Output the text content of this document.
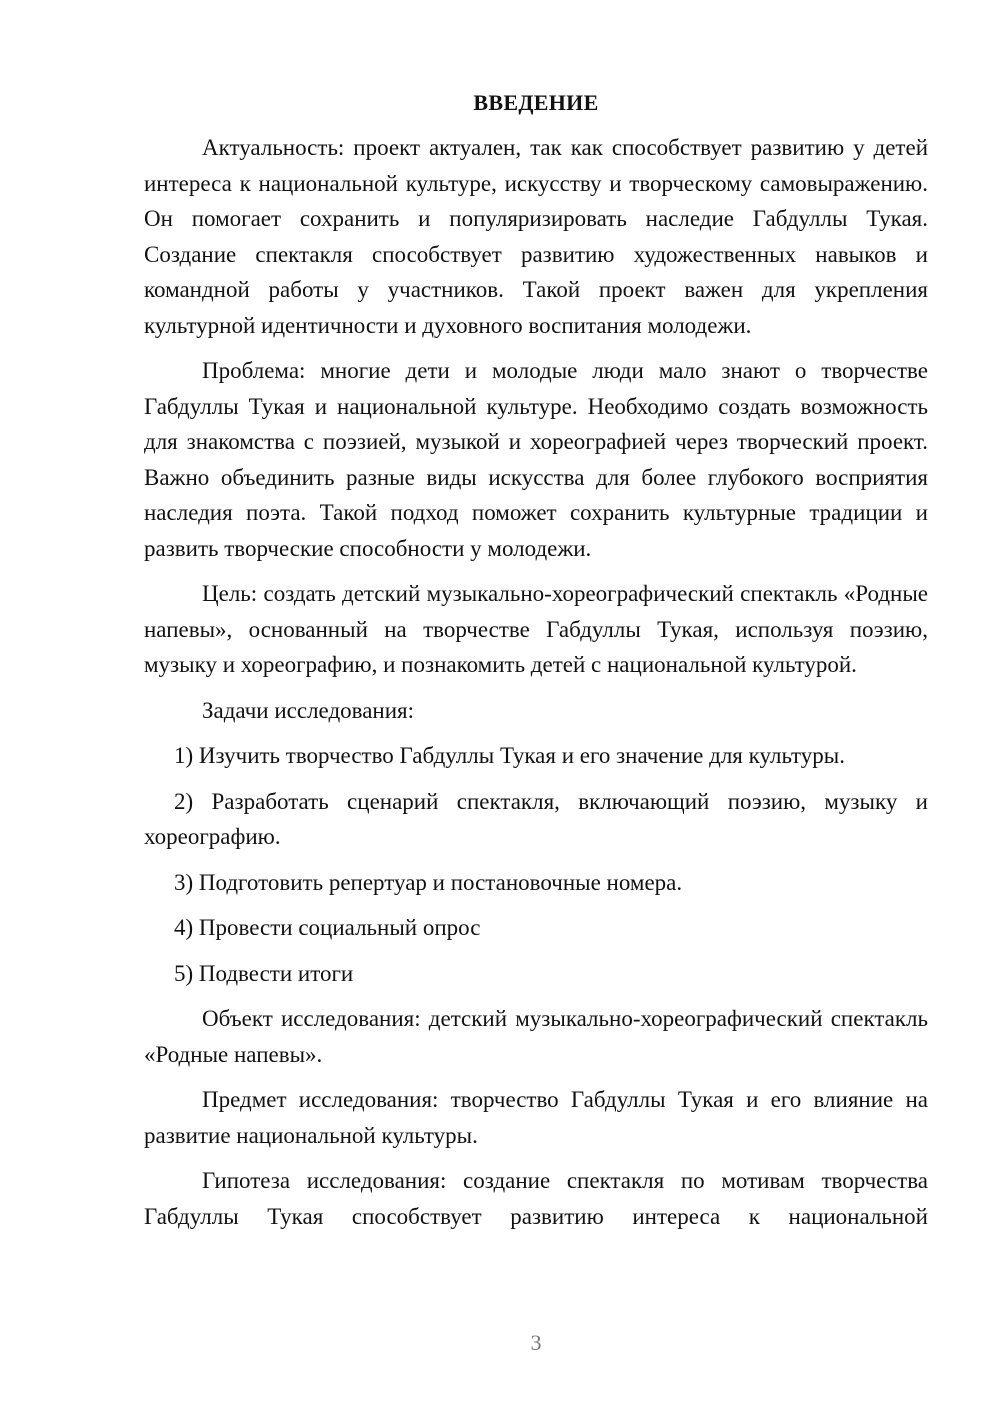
ВВЕДЕНИЕ

Актуальность: проект актуален, так как способствует развитию у детей интереса к национальной культуре, искусству и творческому самовыражению. Он помогает сохранить и популяризировать наследие Габдуллы Тукая. Создание спектакля способствует развитию художественных навыков и командной работы у участников. Такой проект важен для укрепления культурной идентичности и духовного воспитания молодежи.

Проблема: многие дети и молодые люди мало знают о творчестве Габдуллы Тукая и национальной культуре. Необходимо создать возможность для знакомства с поэзией, музыкой и хореографией через творческий проект. Важно объединить разные виды искусства для более глубокого восприятия наследия поэта. Такой подход поможет сохранить культурные традиции и развить творческие способности у молодежи.

Цель: создать детский музыкально-хореографический спектакль «Родные напевы», основанный на творчестве Габдуллы Тукая, используя поэзию, музыку и хореографию, и познакомить детей с национальной культурой.

Задачи исследования:

1) Изучить творчество Габдуллы Тукая и его значение для культуры.

2) Разработать сценарий спектакля, включающий поэзию, музыку и хореографию.

3) Подготовить репертуар и постановочные номера.

4) Провести социальный опрос

5) Подвести итоги

Объект исследования: детский музыкально-хореографический спектакль «Родные напевы».

Предмет исследования: творчество Габдуллы Тукая и его влияние на развитие национальной культуры.

Гипотеза исследования: создание спектакля по мотивам творчества Габдуллы Тукая способствует развитию интереса к национальной

3
